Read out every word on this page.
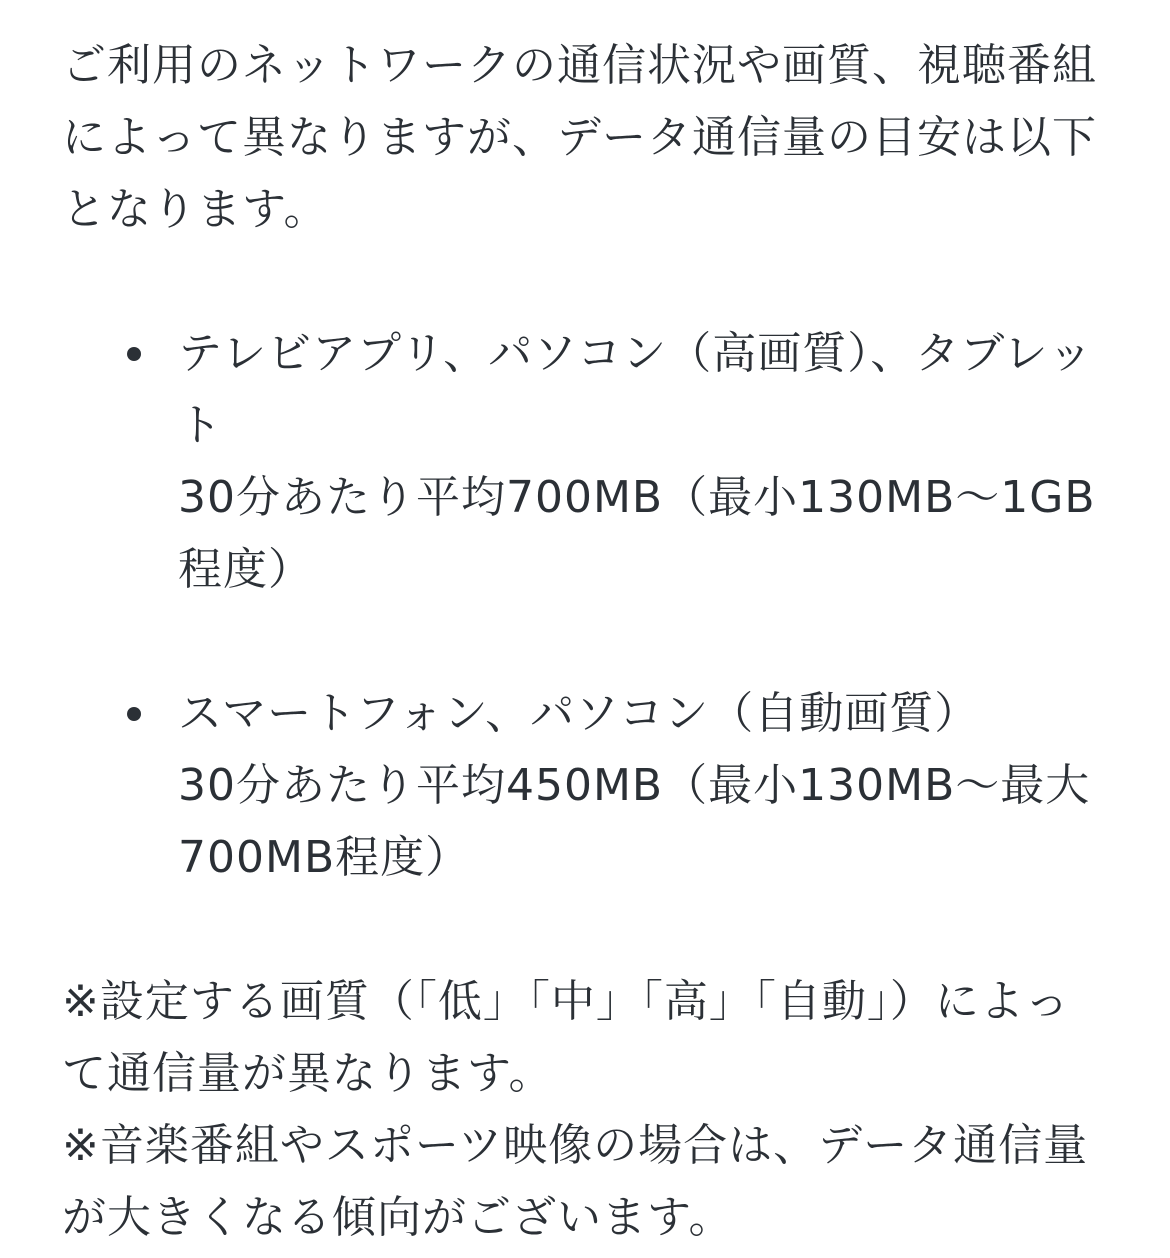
ご利用のネットワークの通信状況や画質、視聴番組によって異なりますが、データ通信量の目安は以下となります。

テレビアプリ、パソコン（高画質）、タブレット
30分あたり平均700MB（最小130MB〜1GB程度）
スマートフォン、パソコン（自動画質）
30分あたり平均450MB（最小130MB〜最大700MB程度）

※設定する画質（「低」「中」「高」「自動」）によって通信量が異なります。

※音楽番組やスポーツ映像の場合は、データ通信量が大きくなる傾向がございます。
